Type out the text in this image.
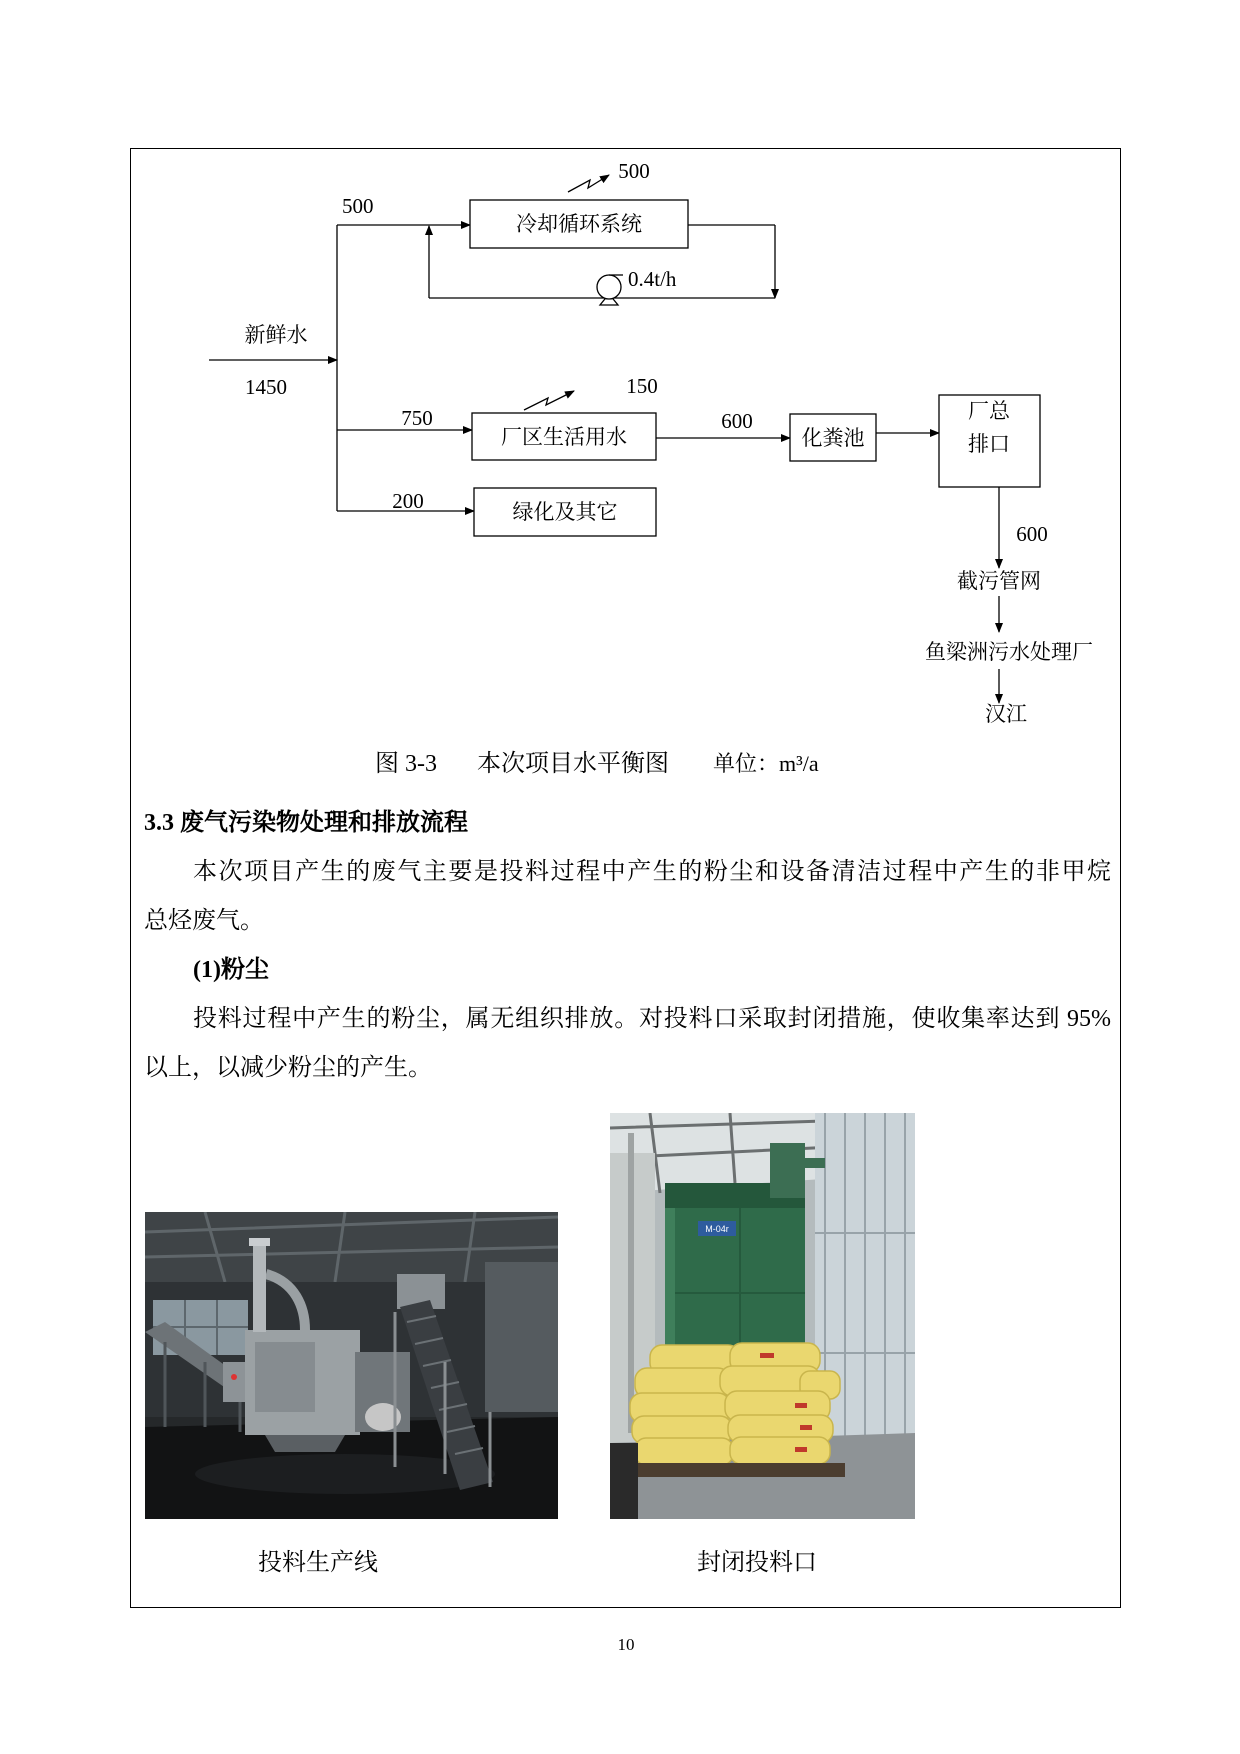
新鲜水
1450
500
冷却循环系统
500
0.4t/h
750
厂区生活用水
150
600
化粪池
厂总
排口
200	绿化及其它
600
截污管网
鱼梁洲污水处理厂
汉江
图 3-3 本次项目水平衡图 单位：m³/a
3.3 废气污染物处理和排放流程
本次项目产生的废气主要是投料过程中产生的粉尘和设备清洁过程中产生的非甲烷
总烃废气。
(1)粉尘
投料过程中产生的粉尘，属无组织排放。对投料口采取封闭措施，使收集率达到 95%
以上，以减少粉尘的产生。
M-04r
投料生产线	封闭投料口
10
